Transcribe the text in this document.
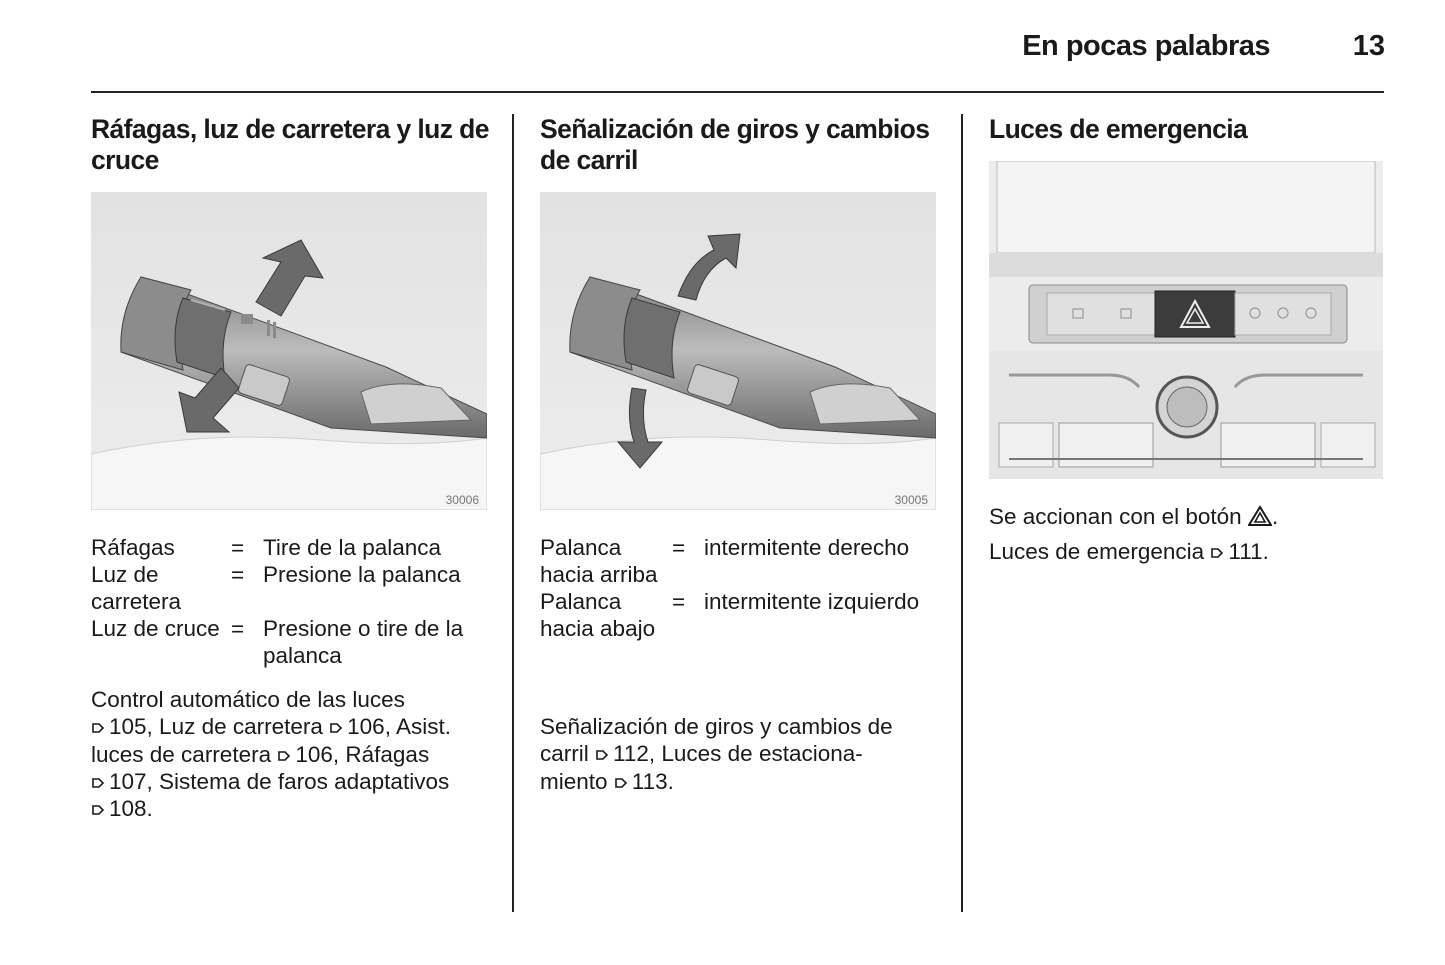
En pocas palabras	13
Ráfagas, luz de carretera y luz de cruce
30006
Ráfagas	= Tire de la palanca
Luz de carretera
= Presione la palanca
Luz de cruce = Presione o tire de la palanca
Control automático de las luces
105, Luz de carretera 106, Asist. luces de carretera 106, Ráfagas
107, Sistema de faros adaptativos
108.
Señalización de giros y cambios de carril
30005
Palanca hacia arriba
= intermitente derecho
Palanca hacia abajo
= intermitente izquierdo
Señalización de giros y cambios de carril 112, Luces de estaciona-
miento 113.
Luces de emergencia
Se accionan con el botón .
Luces de emergencia 111.
